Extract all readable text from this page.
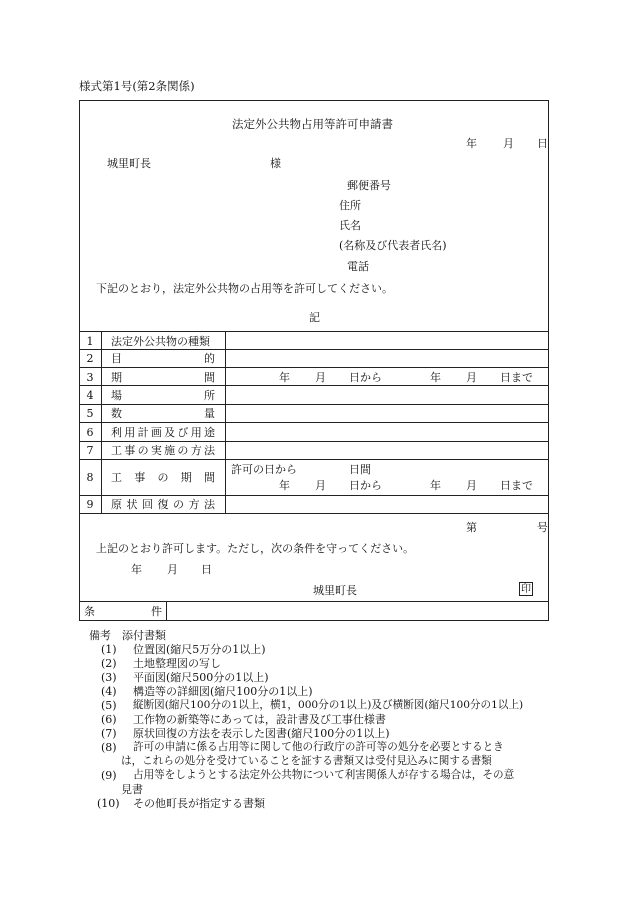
様式第1号(第2条関係)
法定外公共物占用等許可申請書
年 月 日
城里町長	様
郵便番号
住所
氏名
(名称及び代表者氏名)
電話
下記のとおり，法定外公共物の占用等を許可してください。
記
1	法定外公共物の種類
2	目	的
3	期	間	年 月 日から	年 月 日まで
4	場	所
5	数	量
6	利 用 計 画 及 び 用 途
7	工 事 の 実 施 の 方 法
8	工 事 の 期 間
許可の日から	日間
年 月 日から	年 月 日まで
9	原 状 回 復 の 方 法
第	号
上記のとおり許可します。ただし，次の条件を守ってください。
年 月 日
城里町長	印
条	件
備考　添付書類
(1) 位置図(縮尺5万分の1以上)
(2) 土地整理図の写し
(3) 平面図(縮尺500分の1以上)
(4) 構造等の詳細図(縮尺100分の1以上)
(5) 縦断図(縮尺100分の1以上，横1，000分の1以上)及び横断図(縮尺100分の1以上)
(6) 工作物の新築等にあっては，設計書及び工事仕様書
(7) 原状回復の方法を表示した図書(縮尺100分の1以上)
(8) 許可の申請に係る占用等に関して他の行政庁の許可等の処分を必要とするとき
は，これらの処分を受けていることを証する書類又は受付見込みに関する書類
(9) 占用等をしようとする法定外公共物について利害関係人が存する場合は，その意
見書
(10) その他町長が指定する書類
